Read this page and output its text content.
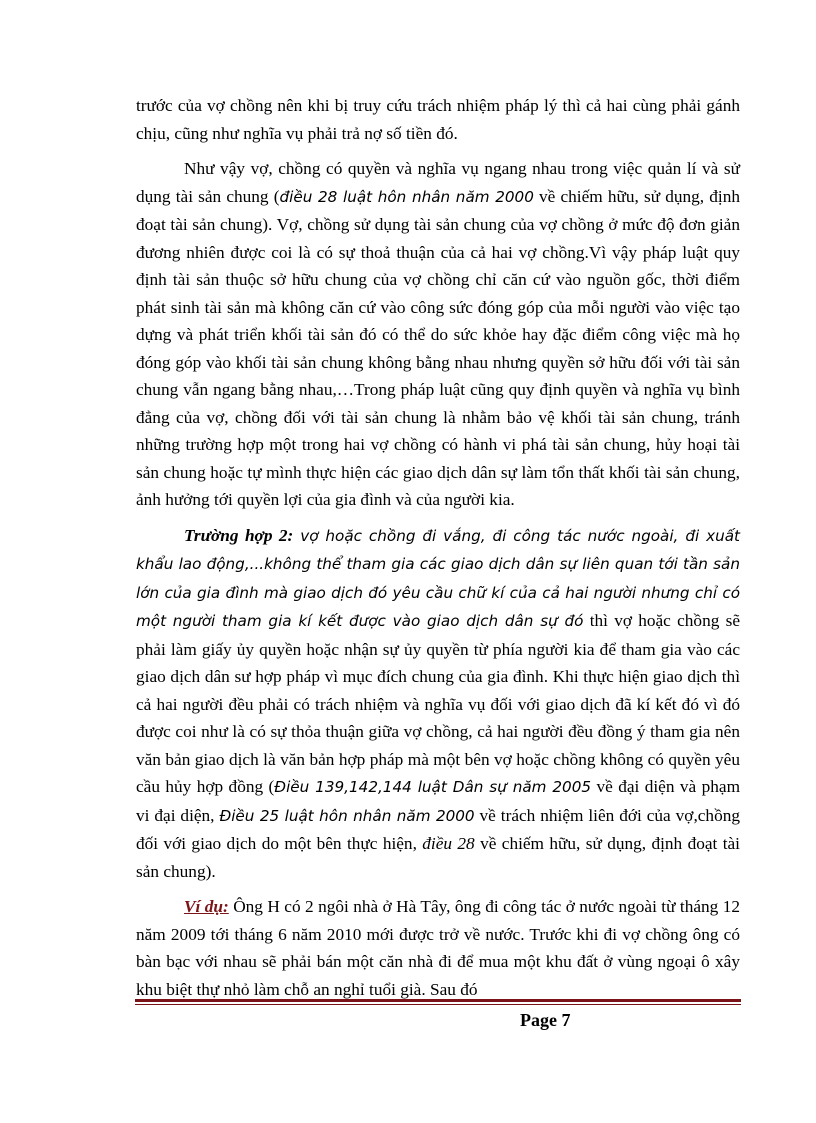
trước của vợ chồng nên khi bị truy cứu trách nhiệm pháp lý thì cả hai cùng phải gánh chịu, cũng như nghĩa vụ phải trả nợ số tiền đó.

Như vậy vợ, chồng có quyền và nghĩa vụ ngang nhau trong việc quản lí và sử dụng tài sản chung (điều 28 luật hôn nhân năm 2000 về chiếm hữu, sử dụng, định đoạt tài sản chung). Vợ, chồng sử dụng tài sản chung của vợ chồng ở mức độ đơn giản đương nhiên được coi là có sự thoả thuận của cả hai vợ chồng.Vì vậy pháp luật quy định tài sản thuộc sở hữu chung của vợ chồng chỉ căn cứ vào nguồn gốc, thời điểm phát sinh tài sản mà không căn cứ vào công sức đóng góp của mỗi người vào việc tạo dựng và phát triển khối tài sản đó có thể do sức khỏe hay đặc điểm công việc mà họ đóng góp vào khối tài sản chung không bằng nhau nhưng quyền sở hữu đối với tài sản chung vẫn ngang bằng nhau,…Trong pháp luật cũng quy định quyền và nghĩa vụ bình đẳng của vợ, chồng đối với tài sản chung là nhằm bảo vệ khối tài sản chung, tránh những trường hợp một trong hai vợ chồng có hành vi phá tài sản chung, hủy hoại tài sản chung hoặc tự mình thực hiện các giao dịch dân sự làm tổn thất khối tài sản chung, ảnh hưởng tới quyền lợi của gia đình và của người kia.

Trường hợp 2: vợ hoặc chồng đi vắng, đi công tác nước ngoài, đi xuất khẩu lao động,...không thể tham gia các giao dịch dân sự liên quan tới tần sản lớn của gia đình mà giao dịch đó yêu cầu chữ kí của cả hai người nhưng chỉ có một người tham gia kí kết được vào giao dịch dân sự đó thì vợ hoặc chồng sẽ phải làm giấy ủy quyền hoặc nhận sự ủy quyền từ phía người kia để tham gia vào các giao dịch dân sư hợp pháp vì mục đích chung của gia đình. Khi thực hiện giao dịch thì cả hai người đều phải có trách nhiệm và nghĩa vụ đối với giao dịch đã kí kết đó vì đó được coi như là có sự thỏa thuận giữa vợ chồng, cả hai người đều đồng ý tham gia nên văn bản giao dịch là văn bản hợp pháp mà một bên vợ hoặc chồng không có quyền yêu cầu hủy hợp đồng (Điều 139,142,144 luật Dân sự năm 2005 về đại diện và phạm vi đại diện, Điều 25 luật hôn nhân năm 2000 về trách nhiệm liên đới của vợ,chồng đối với giao dịch do một bên thực hiện, điều 28 về chiếm hữu, sử dụng, định đoạt tài sản chung).

Ví dụ: Ông H có 2 ngôi nhà ở Hà Tây, ông đi công tác ở nước ngoài từ tháng 12 năm 2009 tới tháng 6 năm 2010 mới được trở về nước. Trước khi đi vợ chồng ông có bàn bạc với nhau sẽ phải bán một căn nhà đi để mua một khu đất ở vùng ngoại ô xây khu biệt thự nhỏ làm chỗ an nghỉ tuổi già. Sau đó

Page 7
